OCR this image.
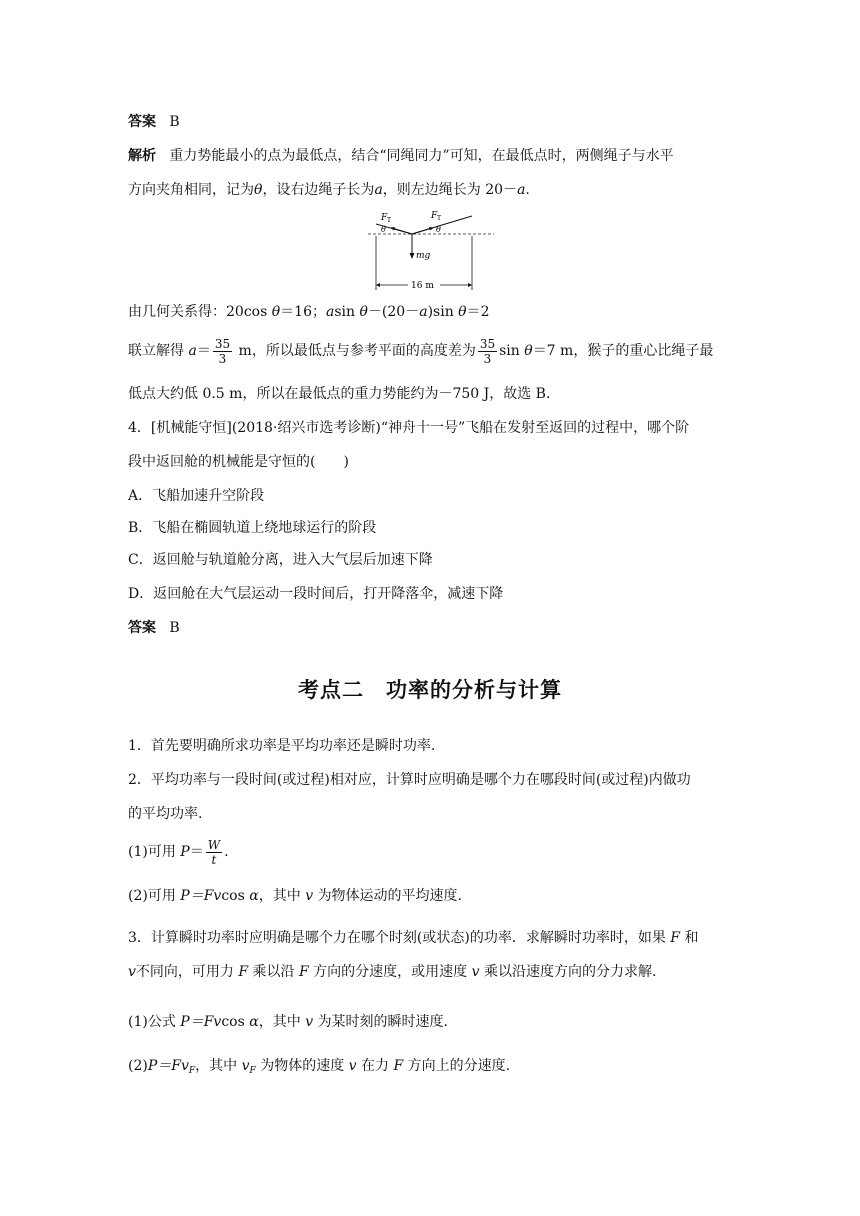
答案 B
解析 重力势能最小的点为最低点，结合“同绳同力”可知，在最低点时，两侧绳子与水平
方向夹角相同，记为θ，设右边绳子长为a，则左边绳长为 20－a.
F T	F T
θ	θ
mg
16 m
由几何关系得：20cos θ＝16；asin θ－(20－a)sin θ＝2
联立解得 $a= \frac{35}{3}$ m，所以最低点与参考平面的高度差为 $\frac{35}{3}$ sin θ＝7 m，猴子的重心比绳子最
低点大约低 0.5 m，所以在最低点的重力势能约为－750 J，故选 B.
4．[机械能守恒](2018·绍兴市选考诊断)“神舟十一号”飞船在发射至返回的过程中，哪个阶
段中返回舱的机械能是守恒的(　　)
A．飞船加速升空阶段
B．飞船在椭圆轨道上绕地球运行的阶段
C．返回舱与轨道舱分离，进入大气层后加速下降
D．返回舱在大气层运动一段时间后，打开降落伞，减速下降
答案 B
考点二　功率的分析与计算
1．首先要明确所求功率是平均功率还是瞬时功率.
2．平均功率与一段时间(或过程)相对应，计算时应明确是哪个力在哪段时间(或过程)内做功
的平均功率.
(1)可用 $P= \frac{W}{t}$ .
(2)可用 P＝Fvcos α，其中 v 为物体运动的平均速度.
3．计算瞬时功率时应明确是哪个力在哪个时刻(或状态)的功率．求解瞬时功率时，如果 F 和
v不同向，可用力 F 乘以沿 F 方向的分速度，或用速度 v 乘以沿速度方向的分力求解.
(1)公式 P＝Fvcos α，其中 v 为某时刻的瞬时速度.
$(2)P=Fv_F$，其中 $v_F$ 为物体的速度 v 在力 F 方向上的分速度.
